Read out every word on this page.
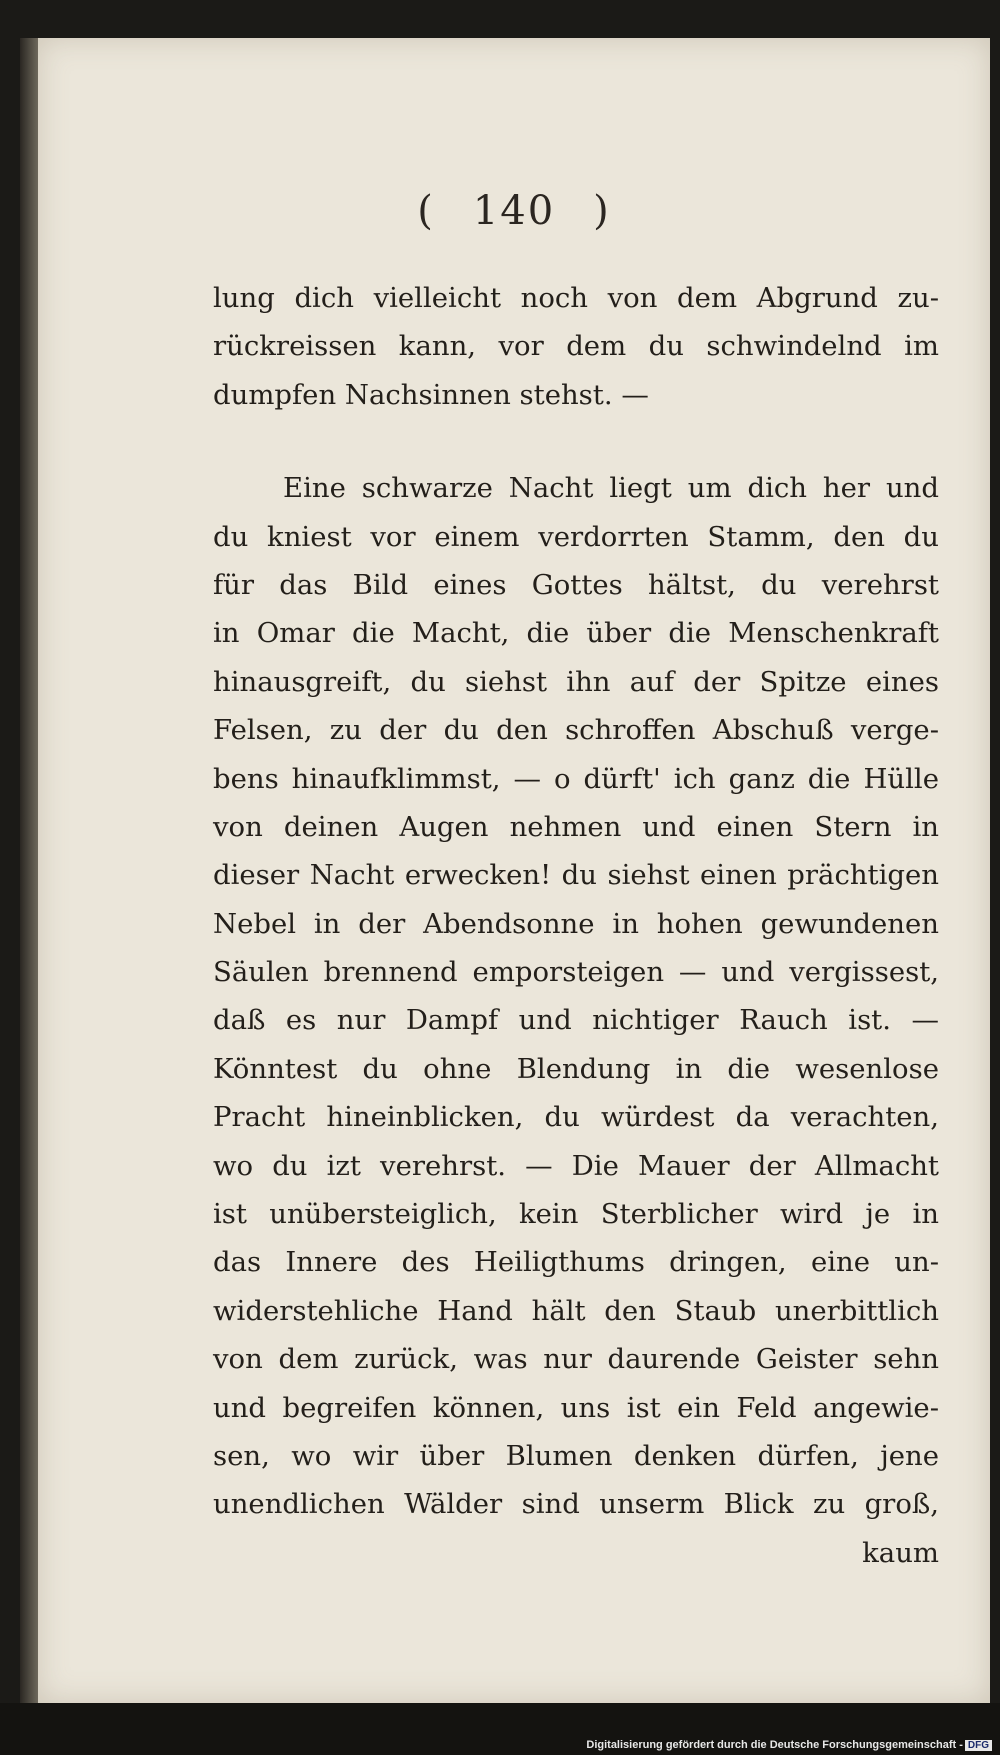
( 140 )
lung dich vielleicht noch von dem Abgrund zu-
rückreissen kann, vor dem du schwindelnd im
dumpfen Nachsinnen stehst. —
Eine schwarze Nacht liegt um dich her und
du kniest vor einem verdorrten Stamm, den du
für das Bild eines Gottes hältst, du verehrst
in Omar die Macht, die über die Menschenkraft
hinausgreift, du siehst ihn auf der Spitze eines
Felsen, zu der du den schroffen Abschuß verge-
bens hinaufklimmst, — o dürft' ich ganz die Hülle
von deinen Augen nehmen und einen Stern in
dieser Nacht erwecken! du siehst einen prächtigen
Nebel in der Abendsonne in hohen gewundenen
Säulen brennend emporsteigen — und vergissest,
daß es nur Dampf und nichtiger Rauch ist. —
Könntest du ohne Blendung in die wesenlose
Pracht hineinblicken, du würdest da verachten,
wo du izt verehrst. — Die Mauer der Allmacht
ist unübersteiglich, kein Sterblicher wird je in
das Innere des Heiligthums dringen, eine un-
widerstehliche Hand hält den Staub unerbittlich
von dem zurück, was nur daurende Geister sehn
und begreifen können, uns ist ein Feld angewie-
sen, wo wir über Blumen denken dürfen, jene
unendlichen Wälder sind unserm Blick zu groß,
kaum
Digitalisierung gefördert durch die Deutsche Forschungsgemeinschaft - DFG
